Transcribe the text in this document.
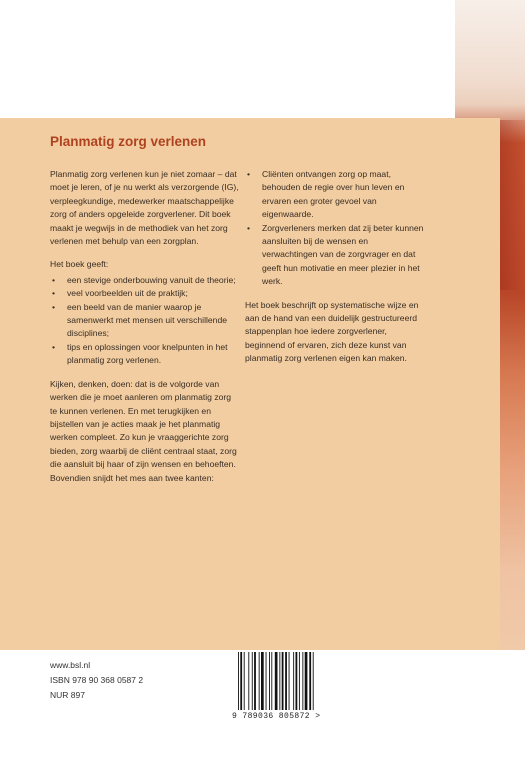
Planmatig zorg verlenen

Planmatig zorg verlenen kun je niet zomaar – dat moet je leren, of je nu werkt als verzorgende (IG), verpleegkundige, medewerker maatschappelijke zorg of anders opgeleide zorgverlener. Dit boek maakt je wegwijs in de methodiek van het zorg verlenen met behulp van een zorgplan.

Het boek geeft:

• een stevige onderbouwing vanuit de theorie;
• veel voorbeelden uit de praktijk;
• een beeld van de manier waarop je samenwerkt met mensen uit verschillende disciplines;
• tips en oplossingen voor knelpunten in het planmatig zorg verlenen.

Kijken, denken, doen: dat is de volgorde van werken die je moet aanleren om planmatig zorg te kunnen verlenen. En met terugkijken en bijstellen van je acties maak je het planmatig werken compleet. Zo kun je vraaggerichte zorg bieden, zorg waarbij de cliënt centraal staat, zorg die aansluit bij haar of zijn wensen en behoeften. Bovendien snijdt het mes aan twee kanten:

• Cliënten ontvangen zorg op maat, behouden de regie over hun leven en ervaren een groter gevoel van eigenwaarde.
• Zorgverleners merken dat zij beter kunnen aansluiten bij de wensen en verwachtingen van de zorgvrager en dat geeft hun motivatie en meer plezier in het werk.

Het boek beschrijft op systematische wijze en aan de hand van een duidelijk gestructureerd stappenplan hoe iedere zorgverlener, beginnend of ervaren, zich deze kunst van planmatig zorg verlenen eigen kan maken.

www.bsl.nl
ISBN 978 90 368 0587 2
NUR 897
9 789036 805872 >
